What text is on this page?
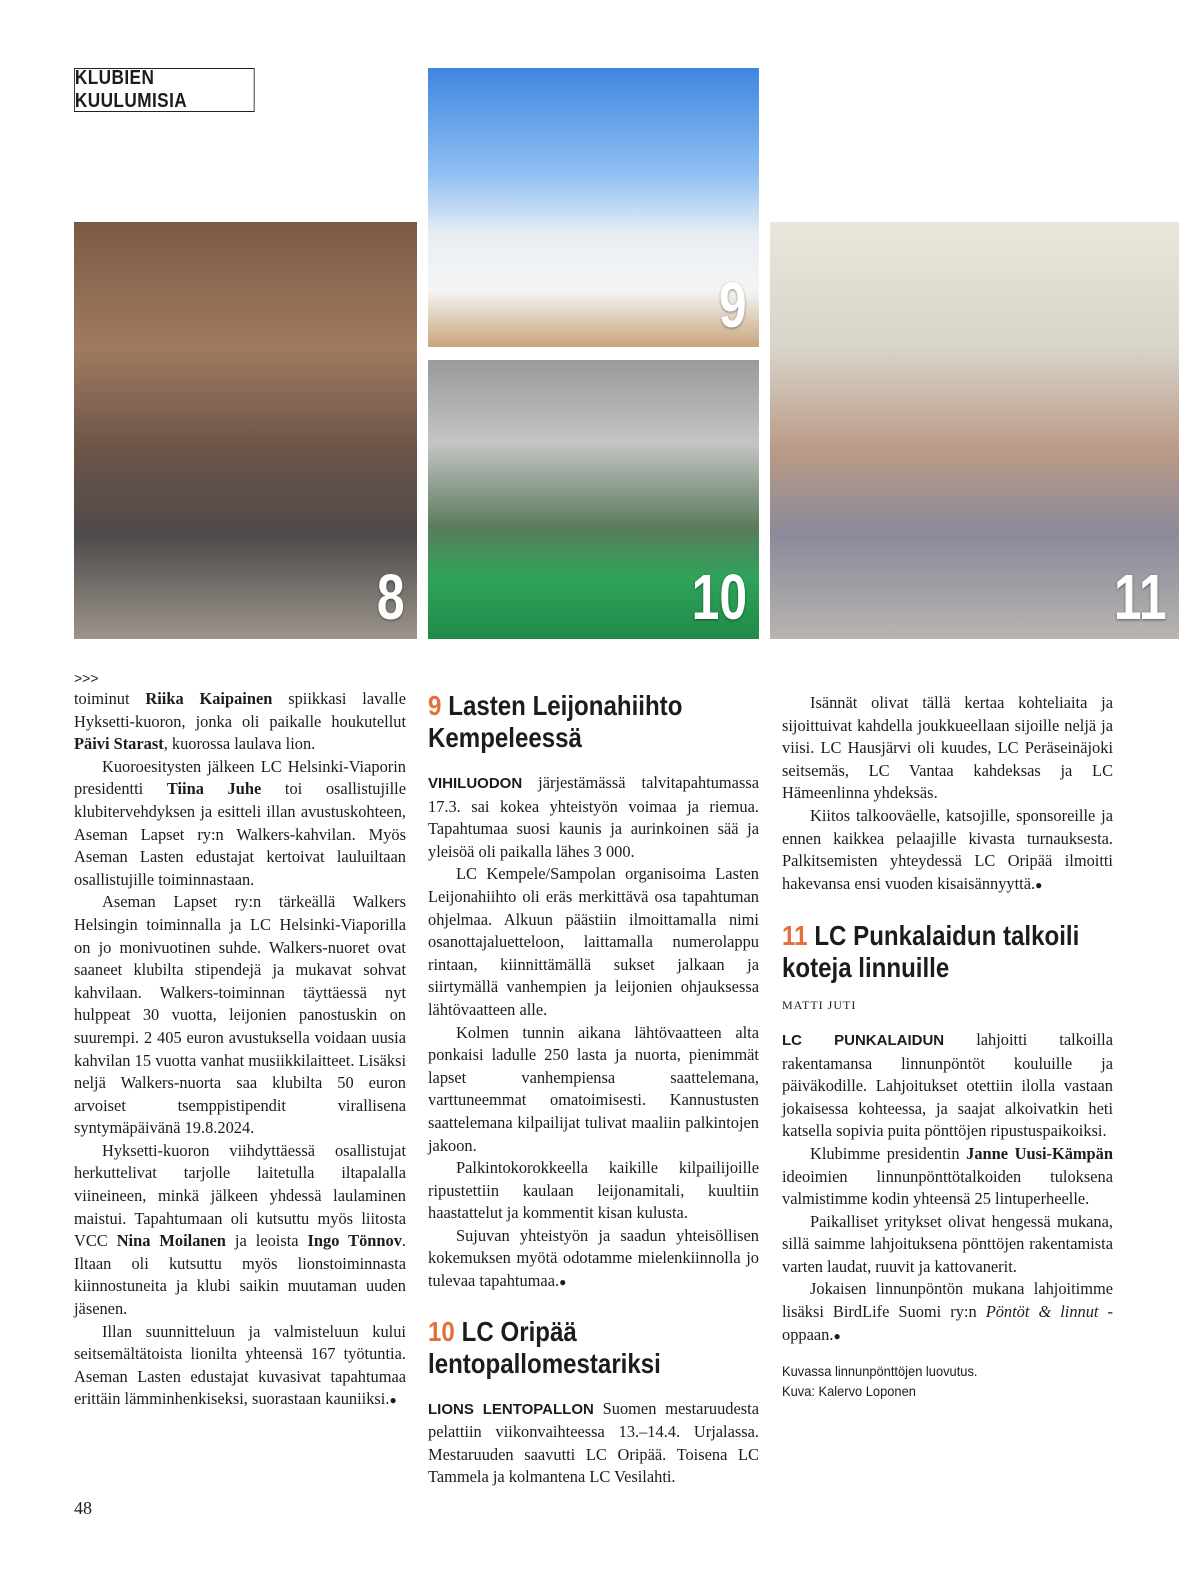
KLUBIEN KUULUMISIA
9
8	10	11
>>>

toiminut Riika Kaipainen spiikkasi lavalle Hyksetti-kuoron, jonka oli paikalle houkutellut Päivi Starast, kuorossa laulava lion.

Kuoroesitysten jälkeen LC Helsinki-Viaporin presidentti Tiina Juhe toi osallistujille klubitervehdyksen ja esitteli illan avustuskohteen, Aseman Lapset ry:n Walkers-kahvilan. Myös Aseman Lasten edustajat kertoivat lauluiltaan osallistujille toiminnastaan.

Aseman Lapset ry:n tärkeällä Walkers Helsingin toiminnalla ja LC Helsinki-Viaporilla on jo monivuotinen suhde. Walkers-nuoret ovat saaneet klubilta stipendejä ja mukavat sohvat kahvilaan. Walkers-toiminnan täyttäessä nyt hulppeat 30 vuotta, leijonien panostuskin on suurempi. 2 405 euron avustuksella voidaan uusia kahvilan 15 vuotta vanhat musiikkilaitteet. Lisäksi neljä Walkers-nuorta saa klubilta 50 euron arvoiset tsemppistipendit virallisena syntymäpäivänä 19.8.2024.

Hyksetti-kuoron viihdyttäessä osallistujat herkuttelivat tarjolle laitetulla iltapalalla viineineen, minkä jälkeen yhdessä laulaminen maistui. Tapahtumaan oli kutsuttu myös liitosta VCC Nina Moilanen ja leoista Ingo Tönnov. Iltaan oli kutsuttu myös lionstoiminnasta kiinnostuneita ja klubi saikin muutaman uuden jäsenen.

Illan suunnitteluun ja valmisteluun kului seitsemältätoista lionilta yhteensä 167 työtuntia. Aseman Lasten edustajat kuvasivat tapahtumaa erittäin lämminhenkiseksi, suorastaan kauniiksi.●

9 Lasten Leijonahiihto Kempeleessä

VIHILUODON järjestämässä talvitapahtumassa 17.3. sai kokea yhteistyön voimaa ja riemua. Tapahtumaa suosi kaunis ja aurinkoinen sää ja yleisöä oli paikalla lähes 3 000.

LC Kempele/Sampolan organisoima Lasten Leijonahiihto oli eräs merkittävä osa tapahtuman ohjelmaa. Alkuun päästiin ilmoittamalla nimi osanottajaluetteloon, laittamalla numerolappu rintaan, kiinnittämällä sukset jalkaan ja siirtymällä vanhempien ja leijonien ohjauksessa lähtövaatteen alle.

Kolmen tunnin aikana lähtövaatteen alta ponkaisi ladulle 250 lasta ja nuorta, pienimmät lapset vanhempiensa saattelemana, varttuneemmat omatoimisesti. Kannustusten saattelemana kilpailijat tulivat maaliin palkintojen jakoon.

Palkintokorokkeella kaikille kilpailijoille ripustettiin kaulaan leijonamitali, kuultiin haastattelut ja kommentit kisan kulusta.

Sujuvan yhteistyön ja saadun yhteisöllisen kokemuksen myötä odotamme mielenkiinnolla jo tulevaa tapahtumaa.●

10 LC Oripää lentopallomestariksi

LIONS LENTOPALLON Suomen mestaruudesta pelattiin viikonvaihteessa 13.–14.4. Urjalassa. Mestaruuden saavutti LC Oripää. Toisena LC Tammela ja kolmantena LC Vesilahti.

Isännät olivat tällä kertaa kohteliaita ja sijoittuivat kahdella joukkueellaan sijoille neljä ja viisi. LC Hausjärvi oli kuudes, LC Peräseinäjoki seitsemäs, LC Vantaa kahdeksas ja LC Hämeenlinna yhdeksäs.

Kiitos talkooväelle, katsojille, sponsoreille ja ennen kaikkea pelaajille kivasta turnauksesta. Palkitsemisten yhteydessä LC Oripää ilmoitti hakevansa ensi vuoden kisaisännyyttä.●

11 LC Punkalaidun talkoili koteja linnuille
MATTI JUTI

LC PUNKALAIDUN lahjoitti talkoilla rakentamansa linnunpöntöt kouluille ja päiväkodille. Lahjoitukset otettiin ilolla vastaan jokaisessa kohteessa, ja saajat alkoivatkin heti katsella sopivia puita pönttöjen ripustuspaikoiksi.

Klubimme presidentin Janne Uusi-Kämpän ideoimien linnunpönttötalkoiden tuloksena valmistimme kodin yhteensä 25 lintuperheelle.

Paikalliset yritykset olivat hengessä mukana, sillä saimme lahjoituksena pönttöjen rakentamista varten laudat, ruuvit ja kattovanerit.

Jokaisen linnunpöntön mukana lahjoitimme lisäksi BirdLife Suomi ry:n Pöntöt & linnut -oppaan.●

Kuvassa linnunpönttöjen luovutus.
Kuva: Kalervo Loponen
48
